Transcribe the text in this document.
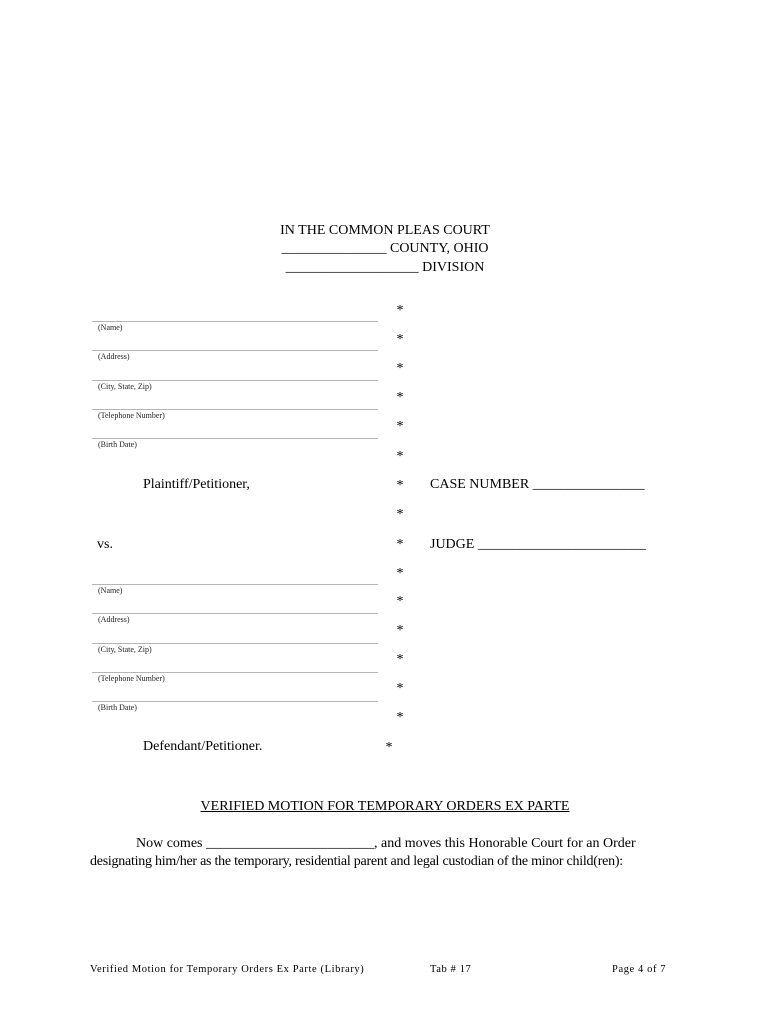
IN THE COMMON PLEAS COURT
_______________ COUNTY, OHIO
___________________ DIVISION
(Name)
(Address)
(City, State, Zip)
(Telephone Number)
(Birth Date)
Plaintiff/Petitioner,
*
*
*
*
*
*
*
*
*
*
*
*
*
*
*
*
CASE NUMBER ________________
JUDGE ________________________
vs.
(Name)
(Address)
(City, State, Zip)
(Telephone Number)
(Birth Date)
Defendant/Petitioner.
VERIFIED MOTION FOR TEMPORARY ORDERS EX PARTE
Now comes ________________________, and moves this Honorable Court for an Order
designating him/her as the temporary, residential parent and legal custodian of the minor child(ren):
Verified Motion for Temporary Orders Ex Parte (Library)	Tab # 17	Page 4 of 7
